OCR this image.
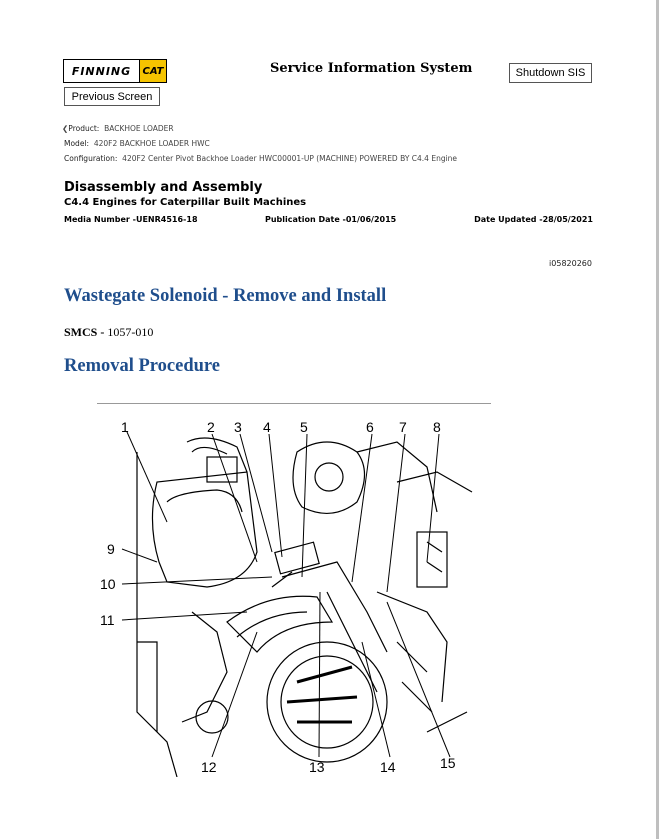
FINNING	CAT	Service Information System	Shutdown SIS
Previous Screen
❮Product: BACKHOE LOADER
Model: 420F2 BACKHOE LOADER HWC
Configuration: 420F2 Center Pivot Backhoe Loader HWC00001-UP (MACHINE) POWERED BY C4.4 Engine
Disassembly and Assembly
C4.4 Engines for Caterpillar Built Machines
Media Number -UENR4516-18	Publication Date -01/06/2015	Date Updated -28/05/2021
i05820260
Wastegate Solenoid - Remove and Install
SMCS - 1057-010
Removal Procedure
1	2 3 4 5	6 7 8
9
10
11
12	13	14	15
